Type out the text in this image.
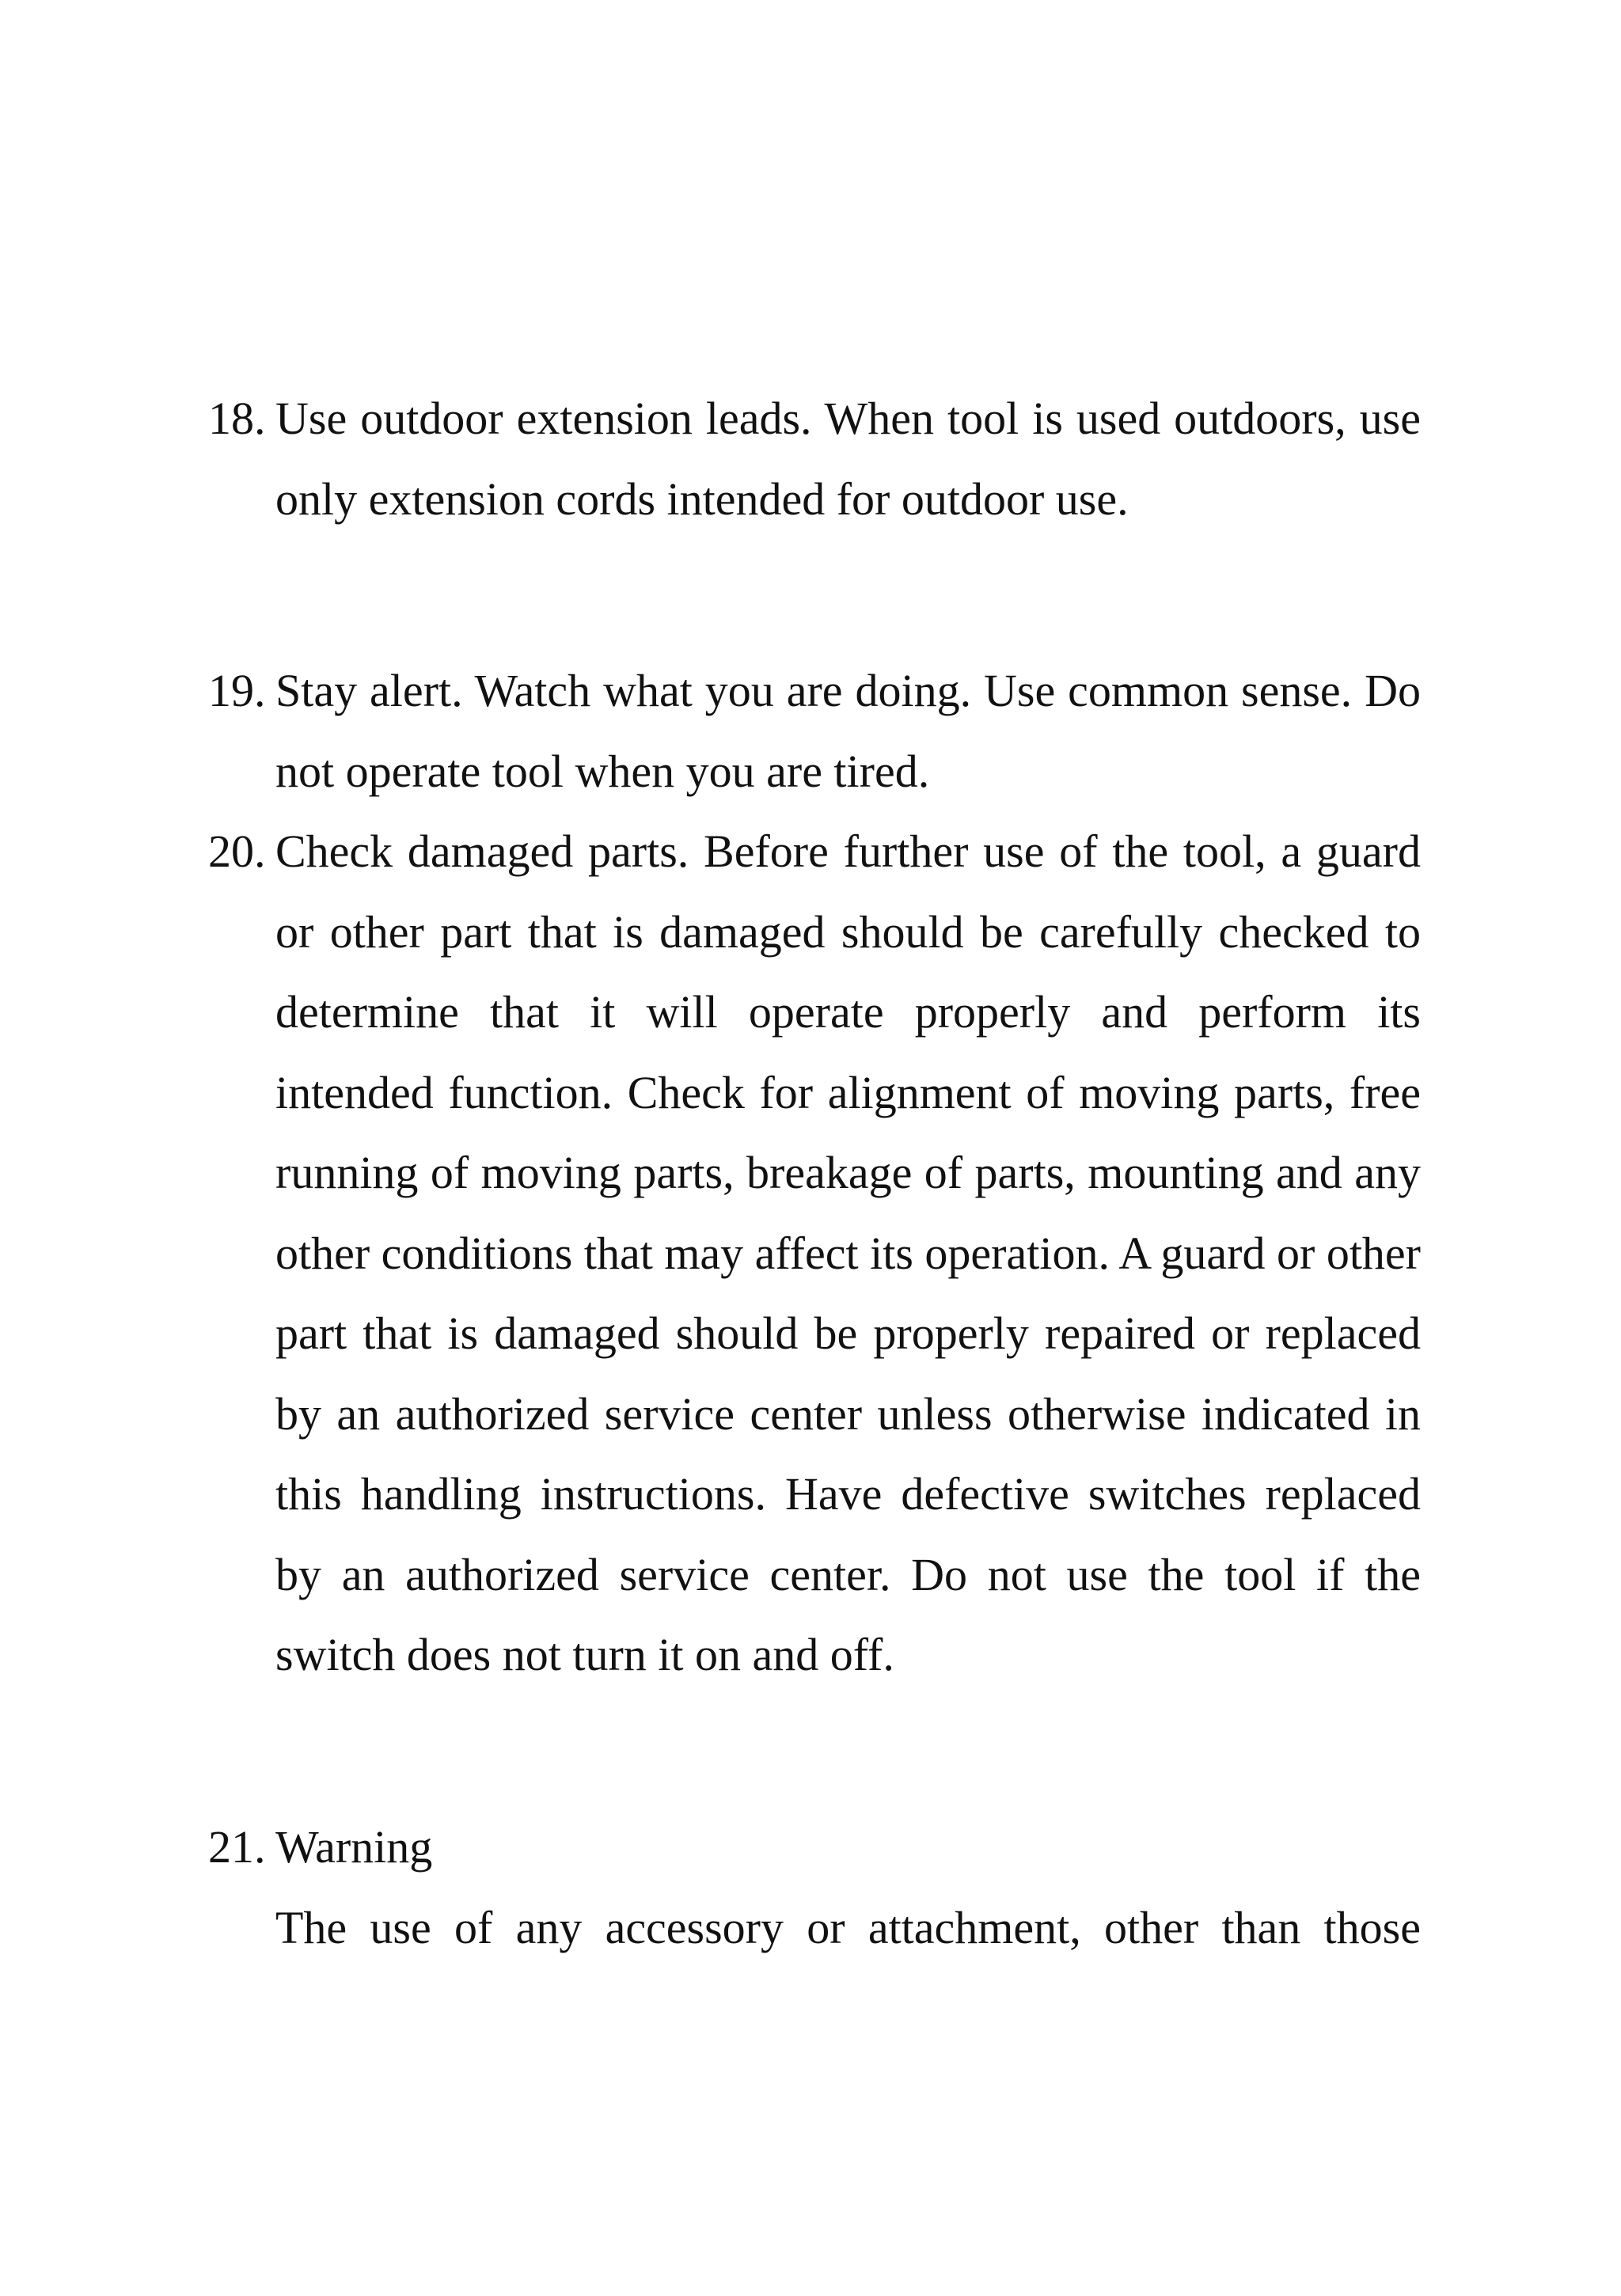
18. Use outdoor extension leads. When tool is used outdoors, use
only extension cords intended for outdoor use.
19. Stay alert. Watch what you are doing. Use common sense. Do
not operate tool when you are tired.
20. Check damaged parts. Before further use of the tool, a guard
or other part that is damaged should be carefully checked to
determine that it will operate properly and perform its
intended function. Check for alignment of moving parts, free
running of moving parts, breakage of parts, mounting and any
other conditions that may affect its operation. A guard or other
part that is damaged should be properly repaired or replaced
by an authorized service center unless otherwise indicated in
this handling instructions. Have defective switches replaced
by an authorized service center. Do not use the tool if the
switch does not turn it on and off.
21. Warning
The use of any accessory or attachment, other than those
